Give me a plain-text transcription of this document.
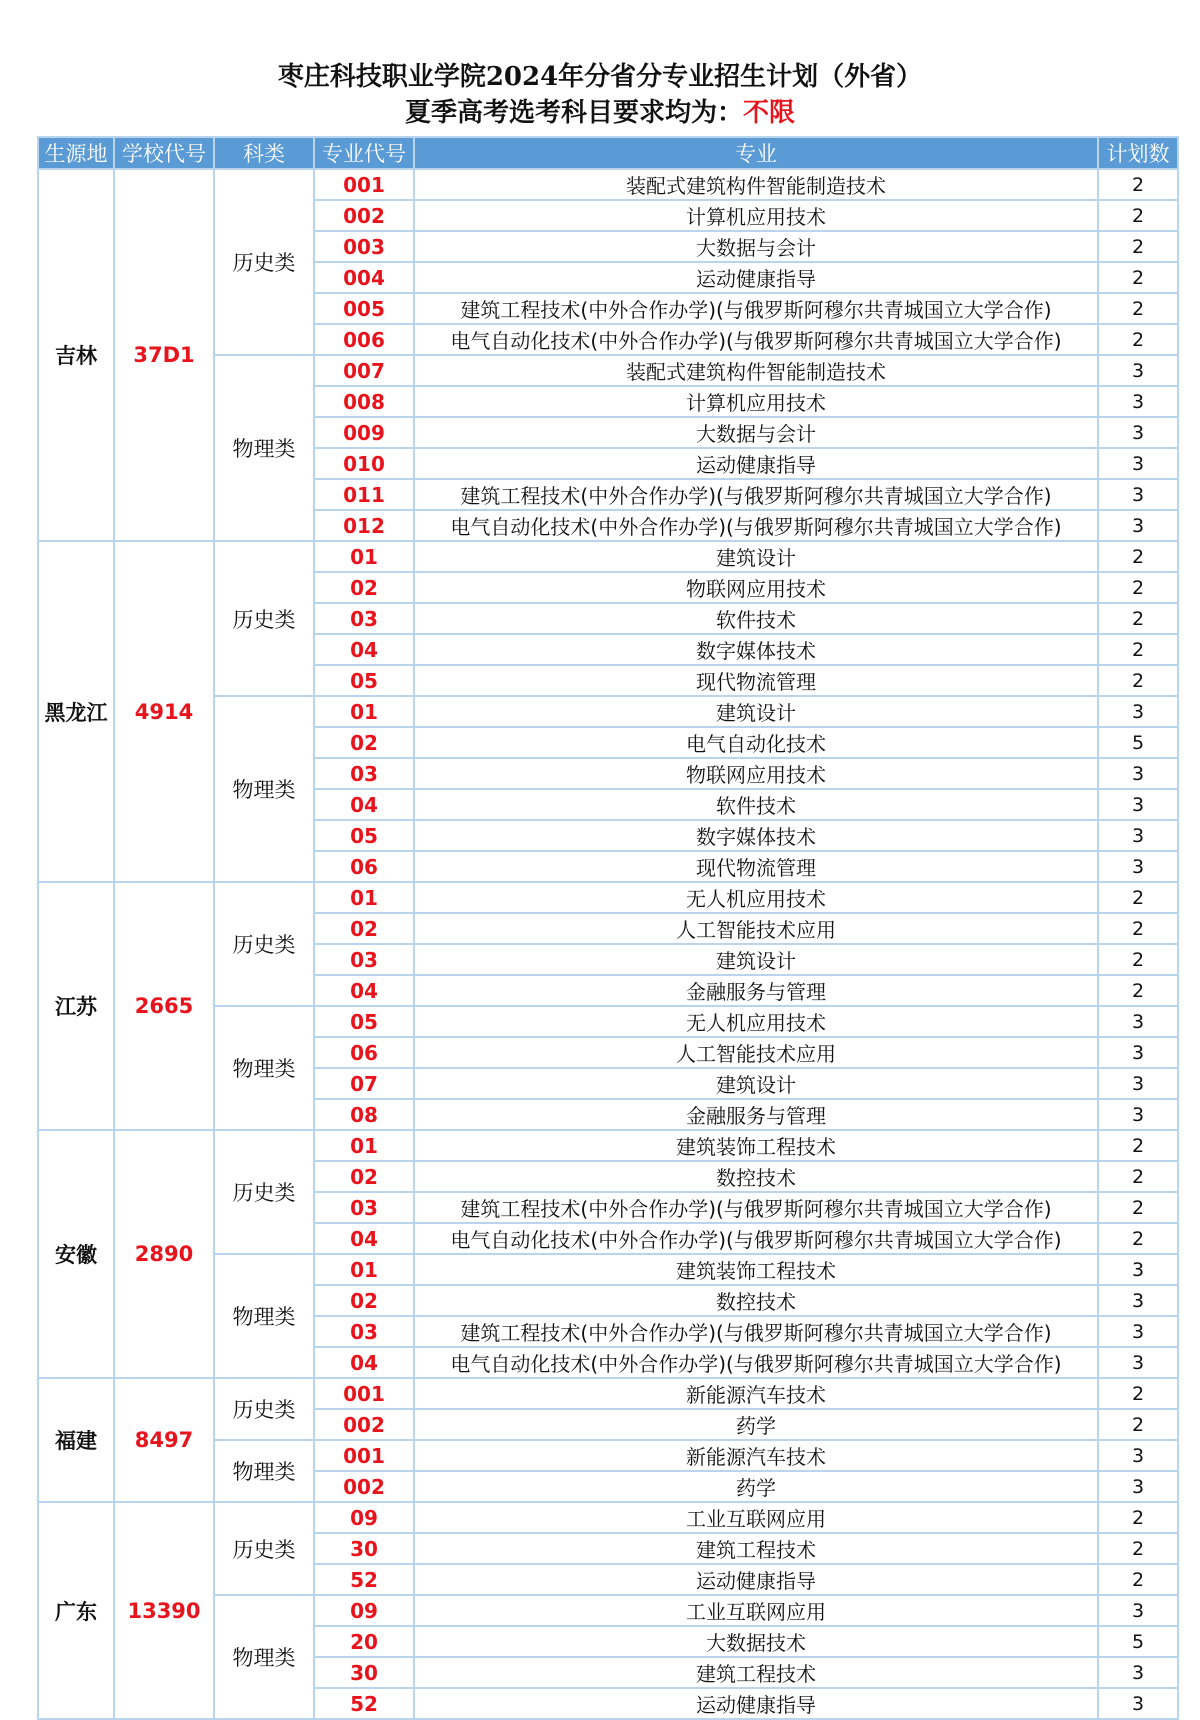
枣庄科技职业学院2024年分省分专业招生计划（外省）
夏季高考选考科目要求均为：不限
生源地	学校代号	科类	专业代号	专业	计划数
吉林	37D1	历史类	001	装配式建筑构件智能制造技术	2
			002	计算机应用技术	2
			003	大数据与会计	2
			004	运动健康指导	2
			005	建筑工程技术(中外合作办学)(与俄罗斯阿穆尔共青城国立大学合作)	2
			006	电气自动化技术(中外合作办学)(与俄罗斯阿穆尔共青城国立大学合作)	2
		物理类	007	装配式建筑构件智能制造技术	3
			008	计算机应用技术	3
			009	大数据与会计	3
			010	运动健康指导	3
			011	建筑工程技术(中外合作办学)(与俄罗斯阿穆尔共青城国立大学合作)	3
			012	电气自动化技术(中外合作办学)(与俄罗斯阿穆尔共青城国立大学合作)	3
黑龙江	4914	历史类	01	建筑设计	2
			02	物联网应用技术	2
			03	软件技术	2
			04	数字媒体技术	2
			05	现代物流管理	2
		物理类	01	建筑设计	3
			02	电气自动化技术	5
			03	物联网应用技术	3
			04	软件技术	3
			05	数字媒体技术	3
			06	现代物流管理	3
江苏	2665	历史类	01	无人机应用技术	2
			02	人工智能技术应用	2
			03	建筑设计	2
			04	金融服务与管理	2
		物理类	05	无人机应用技术	3
			06	人工智能技术应用	3
			07	建筑设计	3
			08	金融服务与管理	3
安徽	2890	历史类	01	建筑装饰工程技术	2
			02	数控技术	2
			03	建筑工程技术(中外合作办学)(与俄罗斯阿穆尔共青城国立大学合作)	2
			04	电气自动化技术(中外合作办学)(与俄罗斯阿穆尔共青城国立大学合作)	2
		物理类	01	建筑装饰工程技术	3
			02	数控技术	3
			03	建筑工程技术(中外合作办学)(与俄罗斯阿穆尔共青城国立大学合作)	3
			04	电气自动化技术(中外合作办学)(与俄罗斯阿穆尔共青城国立大学合作)	3
福建	8497	历史类	001	新能源汽车技术	2
			002	药学	2
		物理类	001	新能源汽车技术	3
			002	药学	3
广东	13390	历史类	09	工业互联网应用	2
			30	建筑工程技术	2
			52	运动健康指导	2
		物理类	09	工业互联网应用	3
			20	大数据技术	5
			30	建筑工程技术	3
			52	运动健康指导	3
